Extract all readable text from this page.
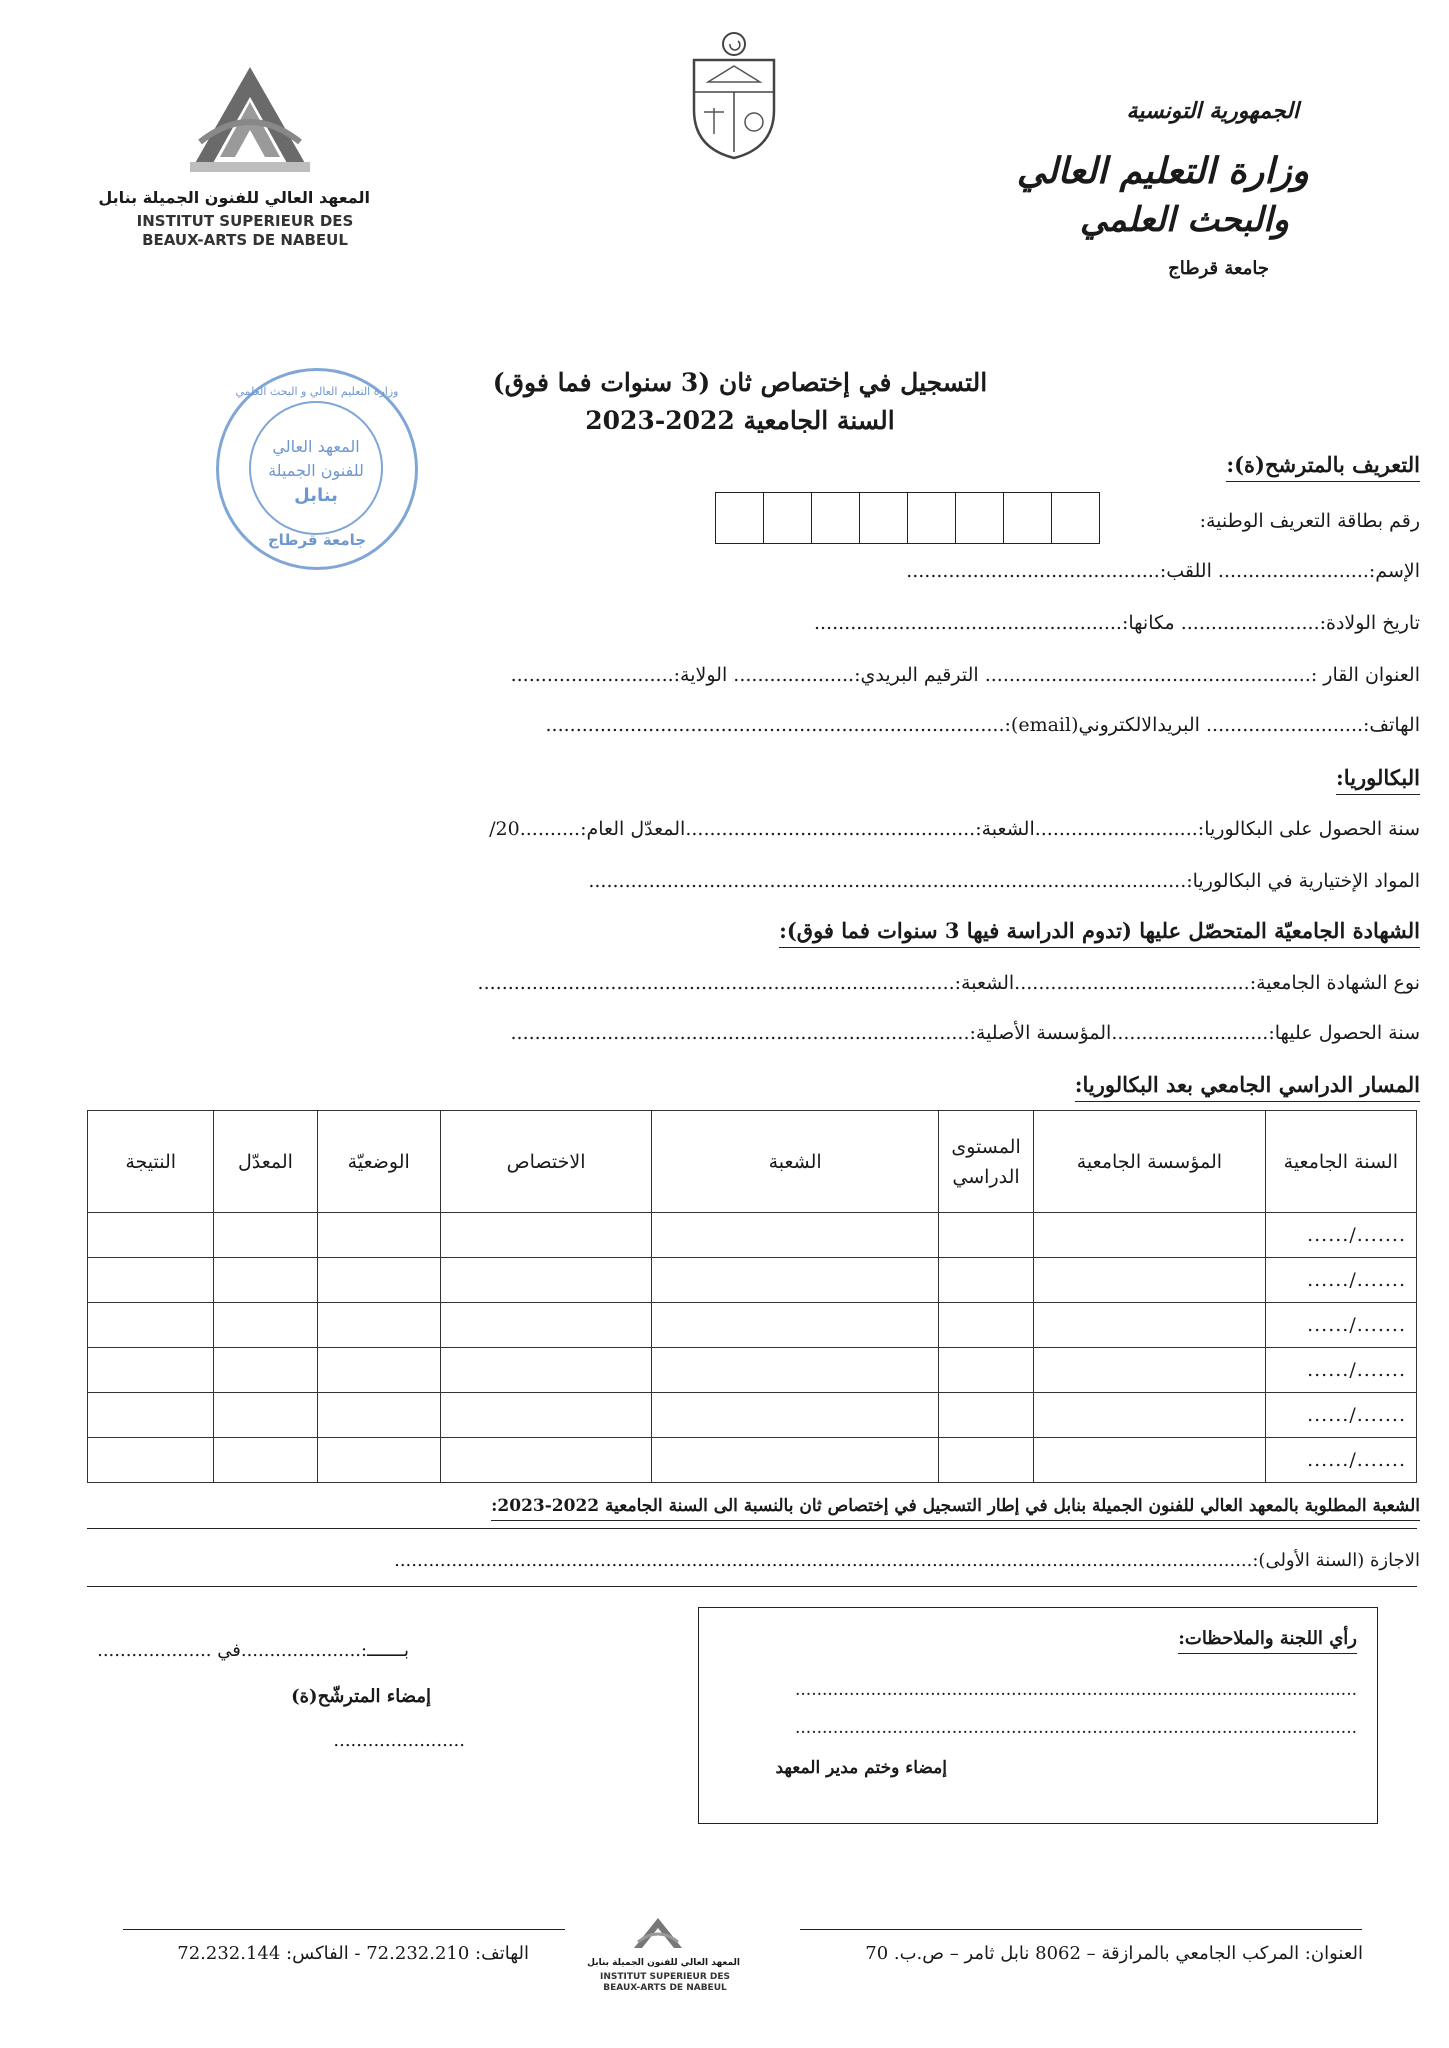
المعهد العالي للفنون الجميلة بنابل
INSTITUT SUPERIEUR DES
BEAUX-ARTS DE NABEUL
الجمهورية التونسية
وزارة التعليم العالي
والبحث العلمي
جامعة قرطاج
وزارة التعليم العالي و البحث العلمي
المعهد العالي
للفنون الجميلة
بنابل
جامعة قرطاج
التسجيل في إختصاص ثان (3 سنوات فما فوق)
السنة الجامعية 2022-2023
التعريف بالمترشح(ة):
رقم بطاقة التعريف الوطنية:
الإسم:......................... اللقب:..........................................
تاريخ الولادة:....................... مكانها:...................................................
العنوان القار :...................................................... الترقيم البريدي:.................... الولاية:...........................
الهاتف:.......................... البريدالالكتروني(email):............................................................................
البكالوريا:
سنة الحصول على البكالوريا:...........................الشعبة:................................................المعدّل العام:..........20/
المواد الإختيارية في البكالوريا:...................................................................................................
الشهادة الجامعيّة المتحصّل عليها (تدوم الدراسة فيها 3 سنوات فما فوق):
نوع الشهادة الجامعية:.......................................الشعبة:...............................................................................
سنة الحصول عليها:..........................المؤسسة الأصلية:............................................................................
المسار الدراسي الجامعي بعد البكالوريا:
السنة الجامعية	المؤسسة الجامعية	المستوى الدراسي	الشعبة	الاختصاص	الوضعيّة	المعدّل	النتيجة
......./......							
......./......							
......./......							
......./......							
......./......							
......./......							
الشعبة المطلوبة بالمعهد العالي للفنون الجميلة بنابل في إطار التسجيل في إختصاص ثان بالنسبة الى السنة الجامعية 2022-2023:
الاجازة (السنة الأولى):......................................................................................................................................................
رأي اللجنة والملاحظات:
........................................................................................................
........................................................................................................
إمضاء وختم مدير المعهد
بـــــــ:.....................في ....................
إمضاء المترشّح(ة)
.......................
الهاتف: 72.232.210 - الفاكس: 72.232.144	العنوان: المركب الجامعي بالمرازقة – 8062 نابل ثامر – ص.ب. 70
المعهد العالي للفنون الجميلة بنابل
INSTITUT SUPERIEUR DES
BEAUX-ARTS DE NABEUL
